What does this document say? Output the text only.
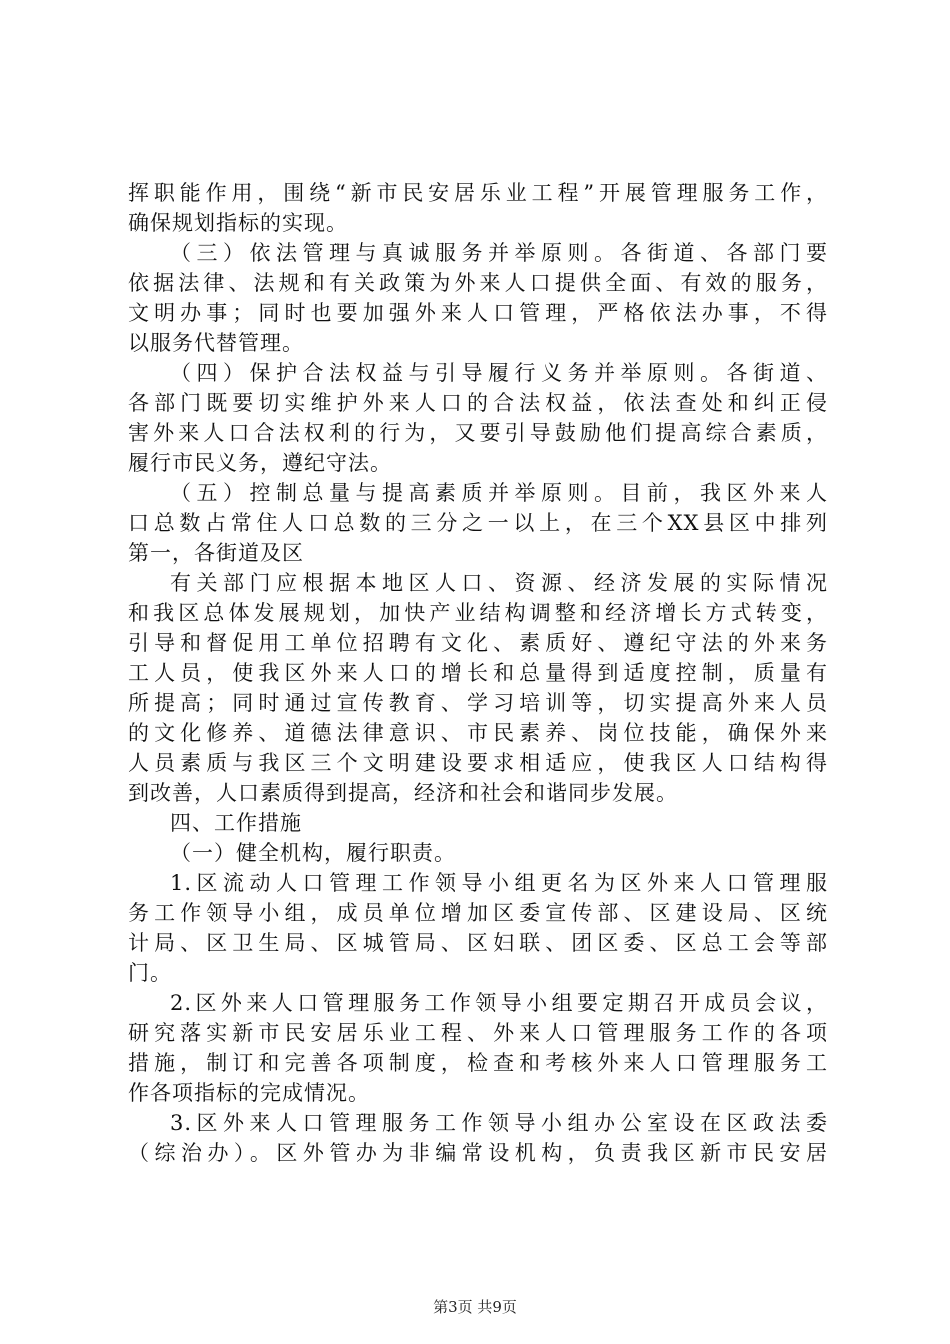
挥职能作用，围绕“新市民安居乐业工程”开展管理服务工作，
确保规划指标的实现。
（三）依法管理与真诚服务并举原则。各街道、各部门要
依据法律、法规和有关政策为外来人口提供全面、有效的服务，
文明办事；同时也要加强外来人口管理，严格依法办事，不得
以服务代替管理。
（四）保护合法权益与引导履行义务并举原则。各街道、
各部门既要切实维护外来人口的合法权益，依法查处和纠正侵
害外来人口合法权利的行为，又要引导鼓励他们提高综合素质，
履行市民义务，遵纪守法。
（五）控制总量与提高素质并举原则。目前，我区外来人
口总数占常住人口总数的三分之一以上，在三个XX县区中排列
第一，各街道及区
有关部门应根据本地区人口、资源、经济发展的实际情况
和我区总体发展规划，加快产业结构调整和经济增长方式转变，
引导和督促用工单位招聘有文化、素质好、遵纪守法的外来务
工人员，使我区外来人口的增长和总量得到适度控制，质量有
所提高；同时通过宣传教育、学习培训等，切实提高外来人员
的文化修养、道德法律意识、市民素养、岗位技能，确保外来
人员素质与我区三个文明建设要求相适应，使我区人口结构得
到改善，人口素质得到提高，经济和社会和谐同步发展。
四、工作措施
（一）健全机构，履行职责。
1.区流动人口管理工作领导小组更名为区外来人口管理服
务工作领导小组，成员单位增加区委宣传部、区建设局、区统
计局、区卫生局、区城管局、区妇联、团区委、区总工会等部
门。
2.区外来人口管理服务工作领导小组要定期召开成员会议，
研究落实新市民安居乐业工程、外来人口管理服务工作的各项
措施，制订和完善各项制度，检查和考核外来人口管理服务工
作各项指标的完成情况。
3.区外来人口管理服务工作领导小组办公室设在区政法委
（综治办）。区外管办为非编常设机构，负责我区新市民安居
第3页 共9页
